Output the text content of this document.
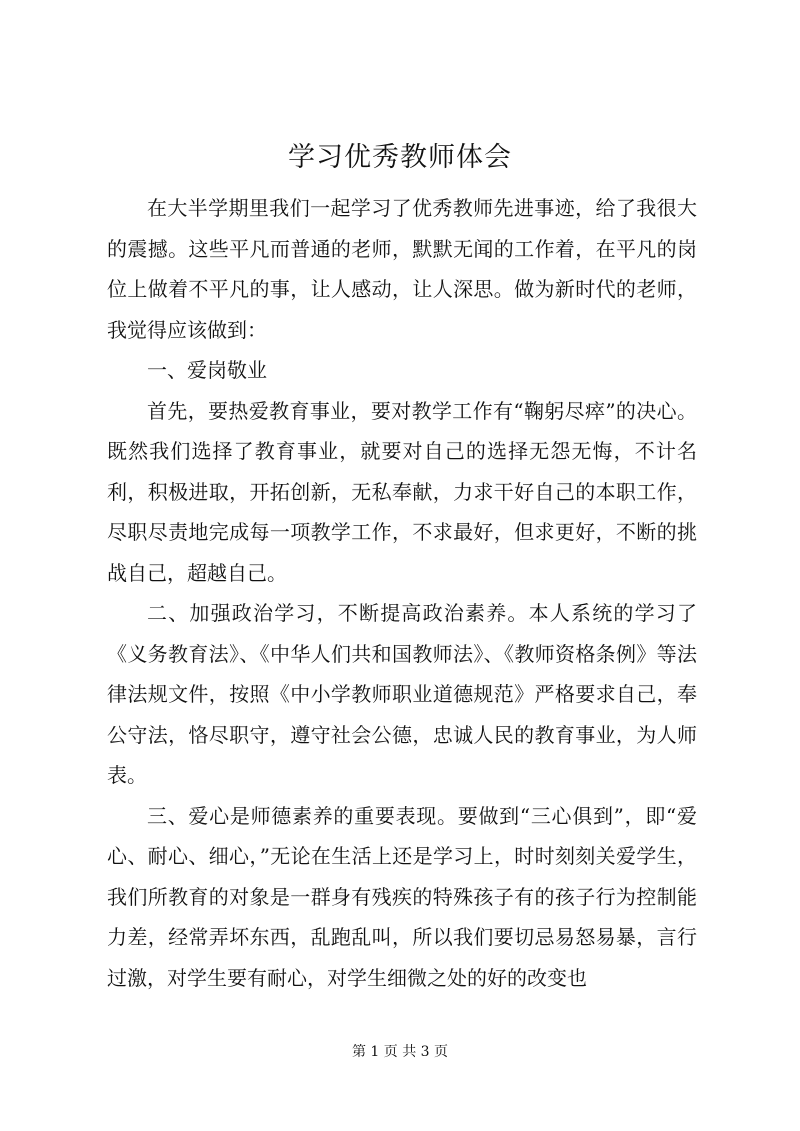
学习优秀教师体会

在大半学期里我们一起学习了优秀教师先进事迹，给了我很大的震撼。这些平凡而普通的老师，默默无闻的工作着，在平凡的岗位上做着不平凡的事，让人感动，让人深思。做为新时代的老师，我觉得应该做到：

一、爱岗敬业

首先，要热爱教育事业，要对教学工作有“鞠躬尽瘁”的决心。既然我们选择了教育事业，就要对自己的选择无怨无悔，不计名利，积极进取，开拓创新，无私奉献，力求干好自己的本职工作，尽职尽责地完成每一项教学工作，不求最好，但求更好，不断的挑战自己，超越自己。

二、加强政治学习，不断提高政治素养。本人系统的学习了《义务教育法》、《中华人们共和国教师法》、《教师资格条例》等法律法规文件，按照《中小学教师职业道德规范》严格要求自己，奉公守法，恪尽职守，遵守社会公德，忠诚人民的教育事业，为人师表。

三、爱心是师德素养的重要表现。要做到“三心俱到”，即“爱心、耐心、细心，”无论在生活上还是学习上，时时刻刻关爱学生，我们所教育的对象是一群身有残疾的特殊孩子有的孩子行为控制能力差，经常弄坏东西，乱跑乱叫，所以我们要切忌易怒易暴，言行过激，对学生要有耐心，对学生细微之处的好的改变也

第 1 页 共 3 页
